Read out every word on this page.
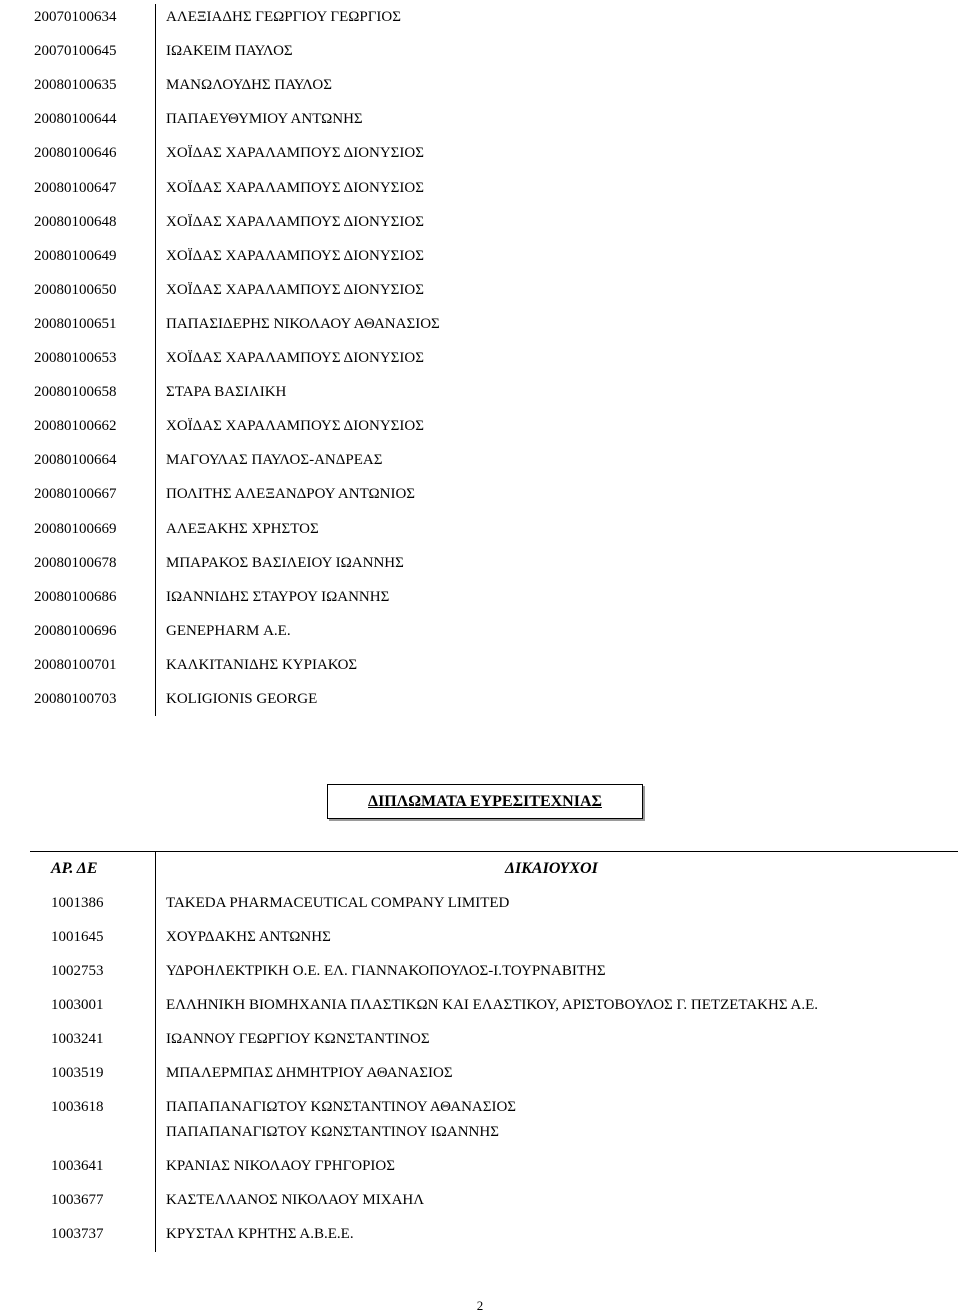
20070100634	ΑΛΕΞΙΑΔΗΣ ΓΕΩΡΓΙΟΥ ΓΕΩΡΓΙΟΣ
20070100645	ΙΩΑΚΕΙΜ ΠΑΥΛΟΣ
20080100635	ΜΑΝΩΛΟΥΔΗΣ ΠΑΥΛΟΣ
20080100644	ΠΑΠΑΕΥΘΥΜΙΟΥ ΑΝΤΩΝΗΣ
20080100646	ΧΟΪΔΑΣ ΧΑΡΑΛΑΜΠΟΥΣ ΔΙΟΝΥΣΙΟΣ
20080100647	ΧΟΪΔΑΣ ΧΑΡΑΛΑΜΠΟΥΣ ΔΙΟΝΥΣΙΟΣ
20080100648	ΧΟΪΔΑΣ ΧΑΡΑΛΑΜΠΟΥΣ ΔΙΟΝΥΣΙΟΣ
20080100649	ΧΟΪΔΑΣ ΧΑΡΑΛΑΜΠΟΥΣ ΔΙΟΝΥΣΙΟΣ
20080100650	ΧΟΪΔΑΣ ΧΑΡΑΛΑΜΠΟΥΣ ΔΙΟΝΥΣΙΟΣ
20080100651	ΠΑΠΑΣΙΔΕΡΗΣ ΝΙΚΟΛΑΟΥ ΑΘΑΝΑΣΙΟΣ
20080100653	ΧΟΪΔΑΣ ΧΑΡΑΛΑΜΠΟΥΣ ΔΙΟΝΥΣΙΟΣ
20080100658	ΣΤΑΡΑ ΒΑΣΙΛΙΚΗ
20080100662	ΧΟΪΔΑΣ ΧΑΡΑΛΑΜΠΟΥΣ ΔΙΟΝΥΣΙΟΣ
20080100664	ΜΑΓΟΥΛΑΣ ΠΑΥΛΟΣ-ΑΝΔΡΕΑΣ
20080100667	ΠΟΛΙΤΗΣ ΑΛΕΞΑΝΔΡΟΥ ΑΝΤΩΝΙΟΣ
20080100669	ΑΛΕΞΑΚΗΣ ΧΡΗΣΤΟΣ
20080100678	ΜΠΑΡΑΚΟΣ ΒΑΣΙΛΕΙΟΥ ΙΩΑΝΝΗΣ
20080100686	ΙΩΑΝΝΙΔΗΣ ΣΤΑΥΡΟΥ ΙΩΑΝΝΗΣ
20080100696	GENEPHARM Α.Ε.
20080100701	ΚΑΛΚΙΤΑΝΙΔΗΣ ΚΥΡΙΑΚΟΣ
20080100703	KOLIGIONIS GEORGE
ΔΙΠΛΩΜΑΤΑ ΕΥΡΕΣΙΤΕΧΝΙΑΣ
ΑΡ. ΔΕ	ΔΙΚΑΙΟΥΧΟΙ
1001386	TAKEDA PHARMACEUTICAL COMPANY LIMITED
1001645	ΧΟΥΡΔΑΚΗΣ ΑΝΤΩΝΗΣ
1002753	ΥΔΡΟΗΛΕΚΤΡΙΚΗ Ο.Ε. ΕΛ. ΓΙΑΝΝΑΚΟΠΟΥΛΟΣ-Ι.ΤΟΥΡΝΑΒΙΤΗΣ
1003001	ΕΛΛΗΝΙΚΗ ΒΙΟΜΗΧΑΝΙΑ ΠΛΑΣΤΙΚΩΝ ΚΑΙ ΕΛΑΣΤΙΚΟΥ, ΑΡΙΣΤΟΒΟΥΛΟΣ Γ. ΠΕΤΖΕΤΑΚΗΣ Α.Ε.
1003241	ΙΩΑΝΝΟΥ ΓΕΩΡΓΙΟΥ ΚΩΝΣΤΑΝΤΙΝΟΣ
1003519	ΜΠΑΛΕΡΜΠΑΣ ΔΗΜΗΤΡΙΟΥ ΑΘΑΝΑΣΙΟΣ
1003618	ΠΑΠΑΠΑΝΑΓΙΩΤΟΥ ΚΩΝΣΤΑΝΤΙΝΟΥ ΑΘΑΝΑΣΙΟΣ
ΠΑΠΑΠΑΝΑΓΙΩΤΟΥ ΚΩΝΣΤΑΝΤΙΝΟΥ ΙΩΑΝΝΗΣ
1003641	ΚΡΑΝΙΑΣ ΝΙΚΟΛΑΟΥ ΓΡΗΓΟΡΙΟΣ
1003677	ΚΑΣΤΕΛΛΑΝΟΣ ΝΙΚΟΛΑΟΥ ΜΙΧΑΗΛ
1003737	ΚΡΥΣΤΑΛ ΚΡΗΤΗΣ Α.Β.Ε.Ε.
2
